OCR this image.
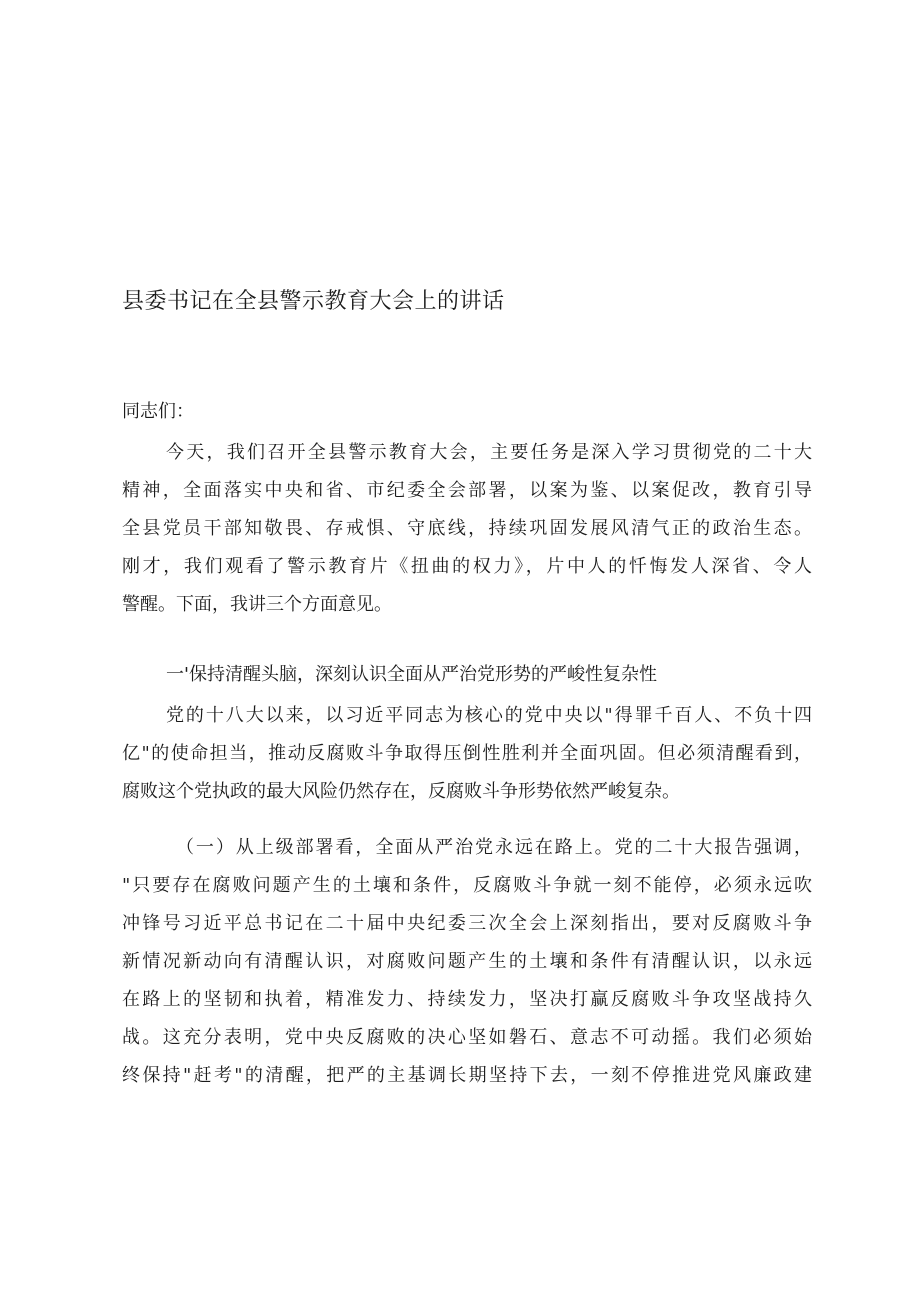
县委书记在全县警示教育大会上的讲话

同志们：

今天，我们召开全县警示教育大会，主要任务是深入学习贯彻党的二十大
精神，全面落实中央和省、市纪委全会部署，以案为鉴、以案促改，教育引导
全县党员干部知敬畏、存戒惧、守底线，持续巩固发展风清气正的政治生态。
刚才，我们观看了警示教育片《扭曲的权力》，片中人的忏悔发人深省、令人
警醒。下面，我讲三个方面意见。
一'保持清醒头脑，深刻认识全面从严治党形势的严峻性复杂性
党的十八大以来，以习近平同志为核心的党中央以"得罪千百人、不负十四
亿"的使命担当，推动反腐败斗争取得压倒性胜利并全面巩固。但必须清醒看到，
腐败这个党执政的最大风险仍然存在，反腐败斗争形势依然严峻复杂。
（一）从上级部署看，全面从严治党永远在路上。党的二十大报告强调，
"只要存在腐败问题产生的土壤和条件，反腐败斗争就一刻不能停，必须永远吹
冲锋号习近平总书记在二十届中央纪委三次全会上深刻指出，要对反腐败斗争
新情况新动向有清醒认识，对腐败问题产生的土壤和条件有清醒认识，以永远
在路上的坚韧和执着，精准发力、持续发力，坚决打赢反腐败斗争攻坚战持久
战。这充分表明，党中央反腐败的决心坚如磐石、意志不可动摇。我们必须始
终保持"赶考"的清醒，把严的主基调长期坚持下去，一刻不停推进党风廉政建
